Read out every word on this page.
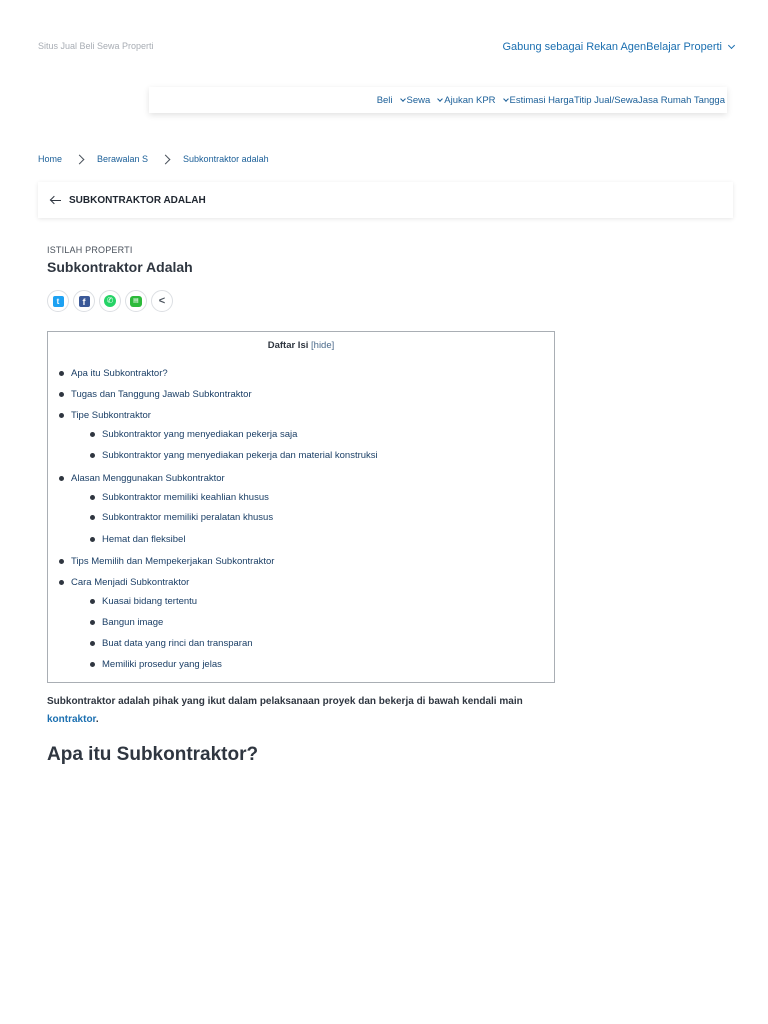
Situs Jual Beli Sewa Properti	Gabung sebagai Rekan Agen Belajar Properti
Beli Sewa Ajukan KPR Estimasi Harga Titip Jual/Sewa Jasa Rumah Tangga
Home	Berawalan S	Subkontraktor adalah
SUBKONTRAKTOR ADALAH
ISTILAH PROPERTI
Subkontraktor Adalah
t	f	✆	▤ <
Daftar Isi [hide]
Apa itu Subkontraktor?
Tugas dan Tanggung Jawab Subkontraktor
Tipe Subkontraktor
Subkontraktor yang menyediakan pekerja saja
Subkontraktor yang menyediakan pekerja dan material konstruksi
Alasan Menggunakan Subkontraktor
Subkontraktor memiliki keahlian khusus
Subkontraktor memiliki peralatan khusus
Hemat dan fleksibel
Tips Memilih dan Mempekerjakan Subkontraktor
Cara Menjadi Subkontraktor
Kuasai bidang tertentu
Bangun image
Buat data yang rinci dan transparan
Memiliki prosedur yang jelas

Subkontraktor adalah pihak yang ikut dalam pelaksanaan proyek dan bekerja di bawah kendali main kontraktor.

Apa itu Subkontraktor?
